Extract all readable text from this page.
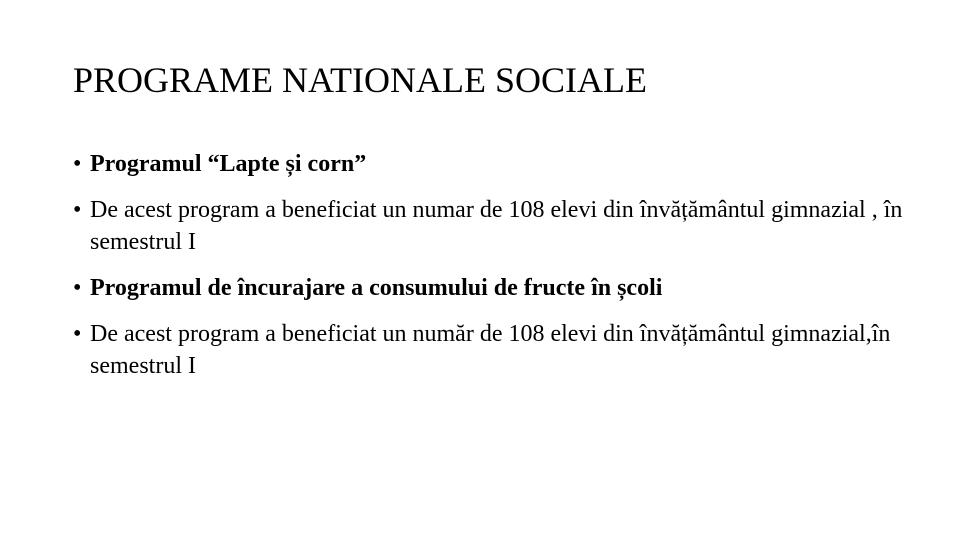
PROGRAME NATIONALE SOCIALE
• Programul “Lapte și corn”
• De acest program a beneficiat un numar de 108 elevi din învățământul gimnazial , în semestrul I
• Programul de încurajare a consumului de fructe în școli
• De acest program a beneficiat un număr de 108 elevi din învățământul gimnazial,în semestrul I
